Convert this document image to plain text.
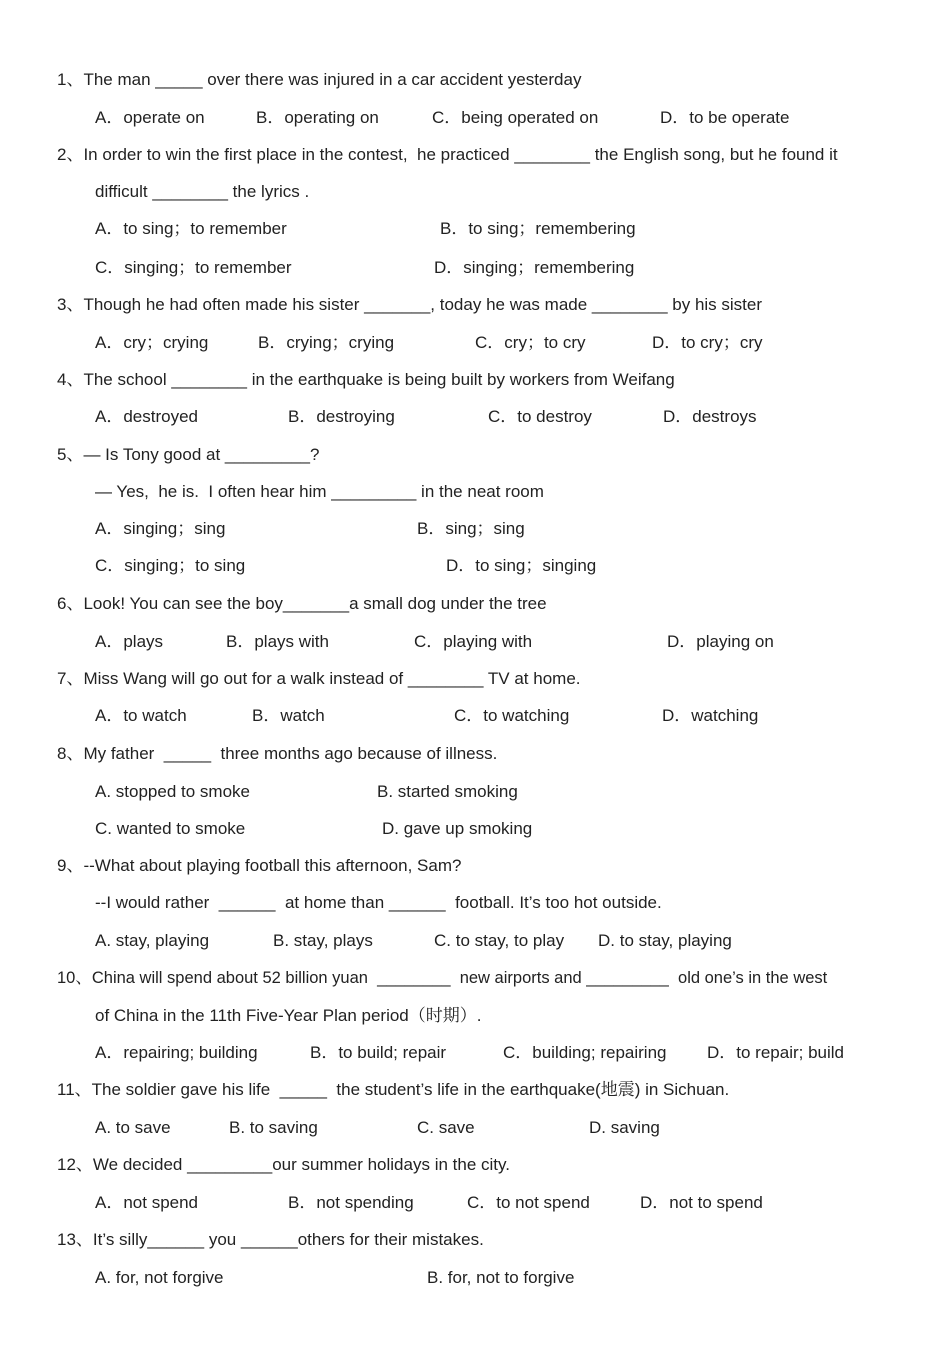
1、The man _____ over there was injured in a car accident yesterday
A．operate on	B．operating on	C．being operated on	D．to be operate
2、In order to win the first place in the contest,  he practiced ________ the English song, but he found it
difficult ________ the lyrics .
A．to sing；to remember	B．to sing；remembering
C．singing；to remember	D．singing；remembering
3、Though he had often made his sister _______, today he was made ________ by his sister
A．cry；crying	B．crying；crying	C．cry；to cry	D．to cry；cry
4、The school ________ in the earthquake is being built by workers from Weifang
A．destroyed	B．destroying	C．to destroy	D．destroys
5、— Is Tony good at _________?
— Yes,  he is.  I often hear him _________ in the neat room
A．singing；sing	B．sing；sing
C．singing；to sing	D．to sing；singing
6、Look! You can see the boy_______a small dog under the tree
A．plays	B．plays with	C．playing with	D．playing on
7、Miss Wang will go out for a walk instead of ________ TV at home.
A．to watch	B．watch	C．to watching	D．watching
8、My father  _____  three months ago because of illness.
A. stopped to smoke	B. started smoking
C. wanted to smoke	D. gave up smoking
9、--What about playing football this afternoon, Sam?
--I would rather  ______  at home than ______  football. It’s too hot outside.
A. stay, playing	B. stay, plays	C. to stay, to play D. to stay, playing
10、China will spend about 52 billion yuan  ________  new airports and _________  old one’s in the west
of China in the 11th Five-Year Plan period（时期）.
A．repairing; building	B．to build; repair	C．building; repairing D．to repair; build
11、The soldier gave his life  _____  the student’s life in the earthquake(地震) in Sichuan.
A. to save	B. to saving	C. save	D. saving
12、We decided _________our summer holidays in the city.
A．not spend	B．not spending	C．to not spend	D．not to spend
13、It’s silly______ you ______others for their mistakes.
A. for, not forgive	B. for, not to forgive
